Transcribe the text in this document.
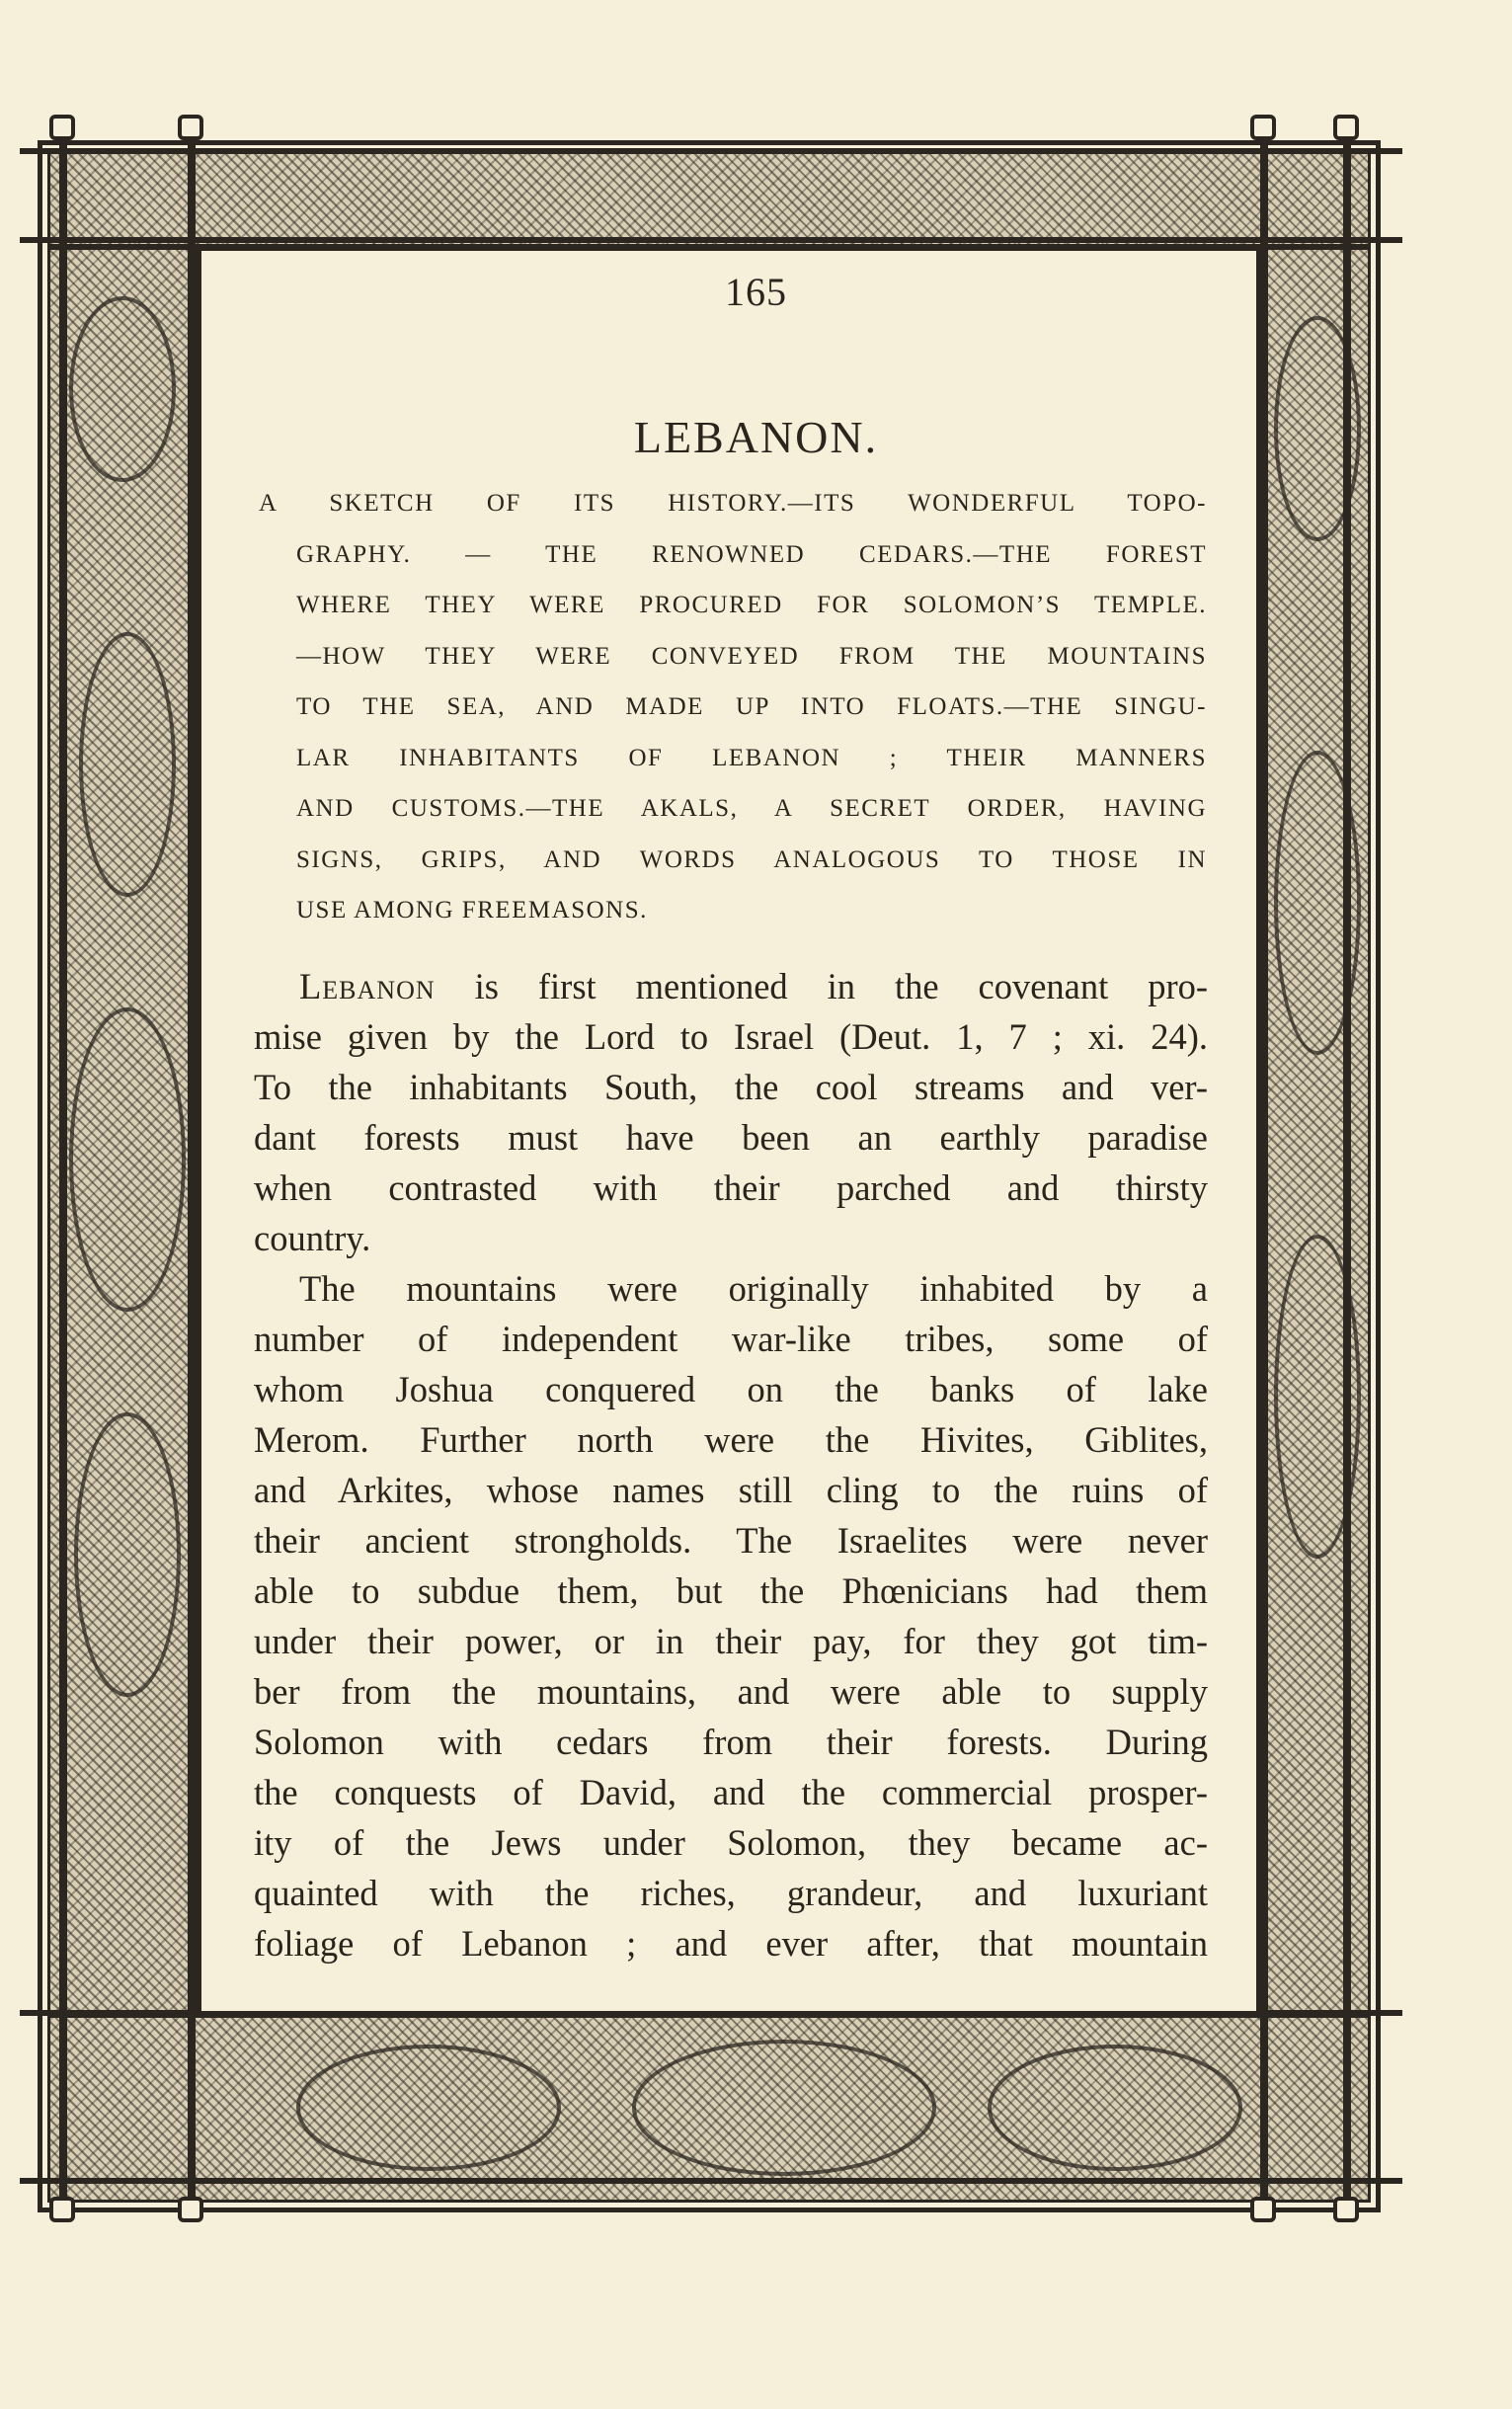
165
LEBANON.
A SKETCH OF ITS HISTORY.—ITS WONDERFUL TOPO-
GRAPHY. — THE RENOWNED CEDARS.—THE FOREST
WHERE THEY WERE PROCURED FOR SOLOMON’S TEMPLE.
—HOW THEY WERE CONVEYED FROM THE MOUNTAINS
TO THE SEA, AND MADE UP INTO FLOATS.—THE SINGU-
LAR INHABITANTS OF LEBANON ; THEIR MANNERS
AND CUSTOMS.—THE AKALS, A SECRET ORDER, HAVING
SIGNS, GRIPS, AND WORDS ANALOGOUS TO THOSE IN
USE AMONG FREEMASONS.

Lebanon is first mentioned in the covenant pro-
mise given by the Lord to Israel (Deut. 1, 7 ; xi. 24).
To the inhabitants South, the cool streams and ver-
dant forests must have been an earthly paradise
when contrasted with their parched and thirsty
country.

The mountains were originally inhabited by a
number of independent war-like tribes, some of
whom Joshua conquered on the banks of lake
Merom. Further north were the Hivites, Giblites,
and Arkites, whose names still cling to the ruins of
their ancient strongholds. The Israelites were never
able to subdue them, but the Phœnicians had them
under their power, or in their pay, for they got tim-
ber from the mountains, and were able to supply
Solomon with cedars from their forests. During
the conquests of David, and the commercial prosper-
ity of the Jews under Solomon, they became ac-
quainted with the riches, grandeur, and luxuriant
foliage of Lebanon ; and ever after, that mountain
